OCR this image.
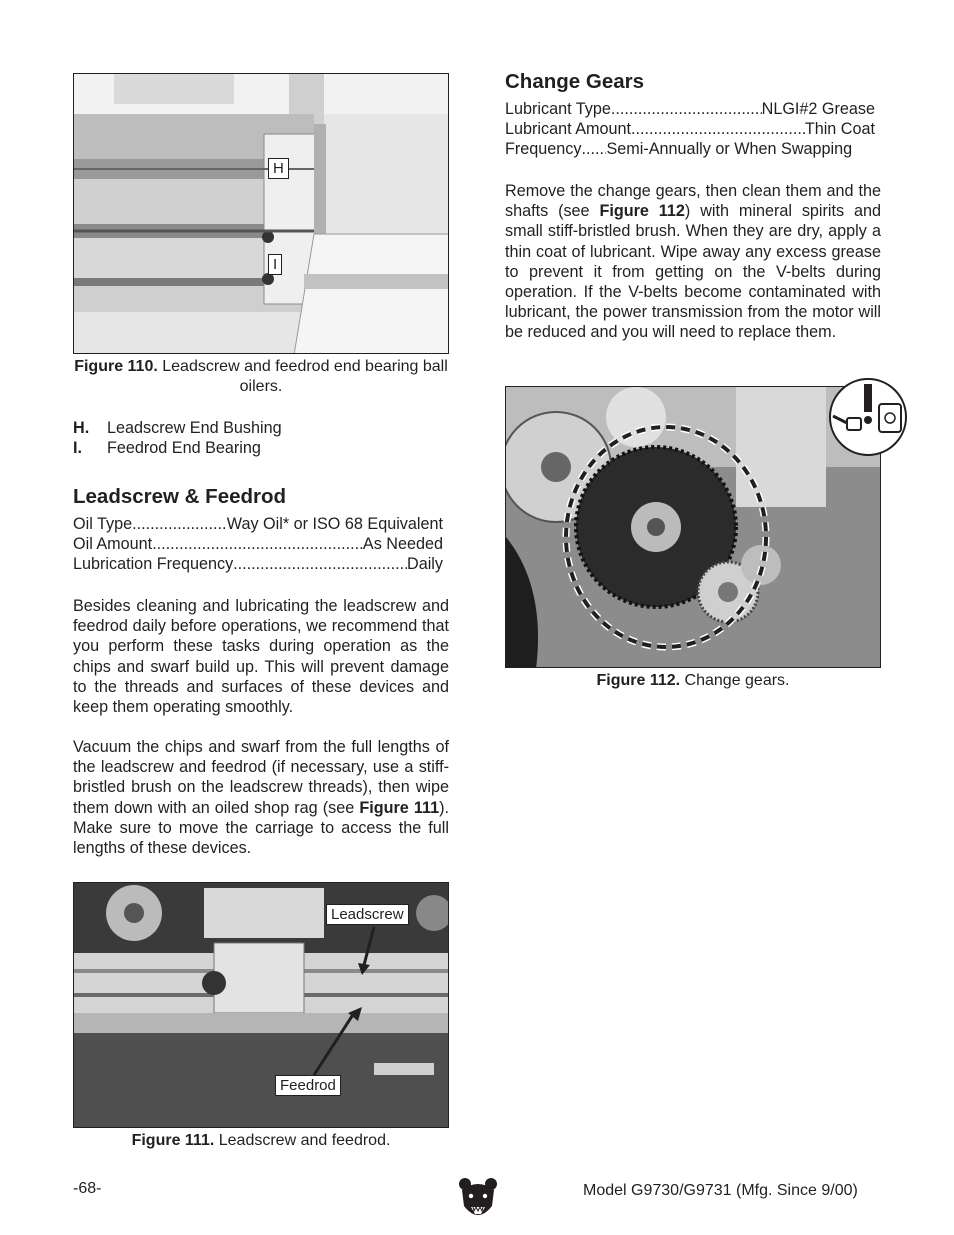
H
I
Figure 110. Leadscrew and feedrod end bearing ball oilers.
H. Leadscrew End Bushing
I. Feedrod End Bearing
Leadscrew & Feedrod
Oil Type .....	Way Oil* or ISO 68 Equivalent
Oil Amount .....	As Needed
Lubrication Frequency .....	Daily
Besides cleaning and lubricating the leadscrew and feedrod daily before operations, we recommend that you perform these tasks during operation as the chips and swarf build up. This will prevent damage to the threads and surfaces of these devices and keep them operating smoothly.
Vacuum the chips and swarf from the full lengths of the leadscrew and feedrod (if necessary, use a stiff-bristled brush on the leadscrew threads), then wipe them down with an oiled shop rag (see Figure 111). Make sure to move the carriage to access the full lengths of these devices.
Leadscrew
Feedrod
Figure 111. Leadscrew and feedrod.
Change Gears
Lubricant Type .....	NLGI#2 Grease
Lubricant Amount .....	Thin Coat
Frequency ..... Semi-Annually or When Swapping
Remove the change gears, then clean them and the shafts (see Figure 112) with mineral spirits and small stiff-bristled brush. When they are dry, apply a thin coat of lubricant. Wipe away any excess grease to prevent it from getting on the V-belts during operation. If the V-belts become contaminated with lubricant, the power transmission from the motor will be reduced and you will need to replace them.
Figure 112. Change gears.
-68-	Model G9730/G9731 (Mfg. Since 9/00)
